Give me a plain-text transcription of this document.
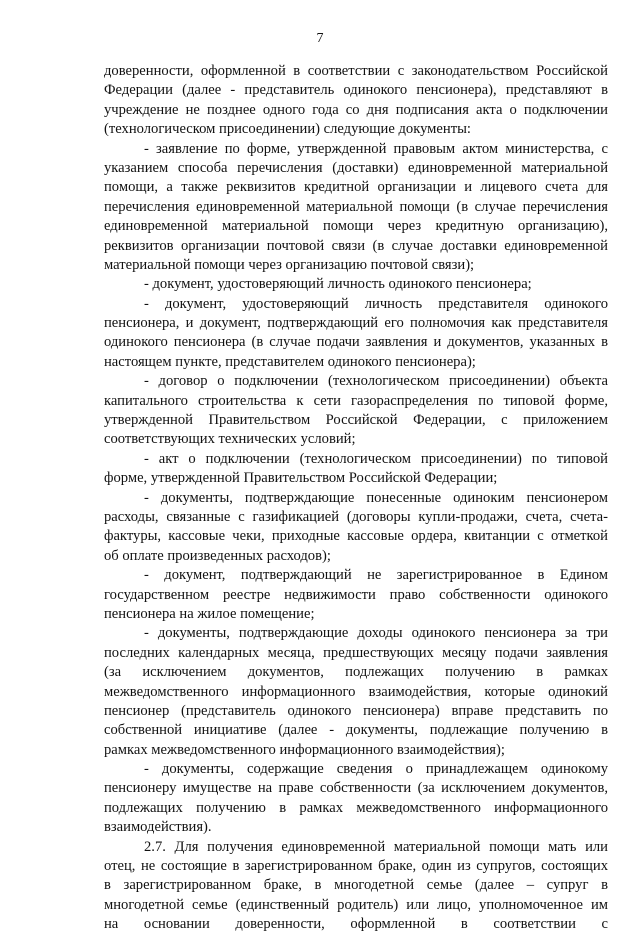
7
доверенности, оформленной в соответствии с законодательством Российской
Федерации (далее - представитель одинокого пенсионера), представляют в
учреждение не позднее одного года со дня подписания акта о подключении
(технологическом присоединении) следующие документы:
- заявление по форме, утвержденной правовым актом министерства, с
указанием способа перечисления (доставки) единовременной материальной
помощи, а также реквизитов кредитной организации и лицевого счета для
перечисления единовременной материальной помощи (в случае перечисления
единовременной материальной помощи через кредитную организацию),
реквизитов организации почтовой связи (в случае доставки единовременной
материальной помощи через организацию почтовой связи);
- документ, удостоверяющий личность одинокого пенсионера;
- документ, удостоверяющий личность представителя одинокого
пенсионера, и документ, подтверждающий его полномочия как представителя
одинокого пенсионера (в случае подачи заявления и документов, указанных в
настоящем пункте, представителем одинокого пенсионера);
- договор о подключении (технологическом присоединении) объекта
капитального строительства к сети газораспределения по типовой форме,
утвержденной Правительством Российской Федерации, с приложением
соответствующих технических условий;
- акт о подключении (технологическом присоединении) по типовой
форме, утвержденной Правительством Российской Федерации;
- документы, подтверждающие понесенные одиноким пенсионером
расходы, связанные с газификацией (договоры купли-продажи, счета, счета-
фактуры, кассовые чеки, приходные кассовые ордера, квитанции с отметкой
об оплате произведенных расходов);
- документ, подтверждающий не зарегистрированное в Едином
государственном реестре недвижимости право собственности одинокого
пенсионера на жилое помещение;
- документы, подтверждающие доходы одинокого пенсионера за три
последних календарных месяца, предшествующих месяцу подачи заявления
(за исключением документов, подлежащих получению в рамках
межведомственного информационного взаимодействия, которые одинокий
пенсионер (представитель одинокого пенсионера) вправе представить по
собственной инициативе (далее - документы, подлежащие получению в
рамках межведомственного информационного взаимодействия);
- документы, содержащие сведения о принадлежащем одинокому
пенсионеру имуществе на праве собственности (за исключением документов,
подлежащих получению в рамках межведомственного информационного
взаимодействия).
2.7. Для получения единовременной материальной помощи мать или
отец, не состоящие в зарегистрированном браке, один из супругов, состоящих
в зарегистрированном браке, в многодетной семье (далее – супруг в
многодетной семье (единственный родитель) или лицо, уполномоченное им
на основании доверенности, оформленной в соответствии с
